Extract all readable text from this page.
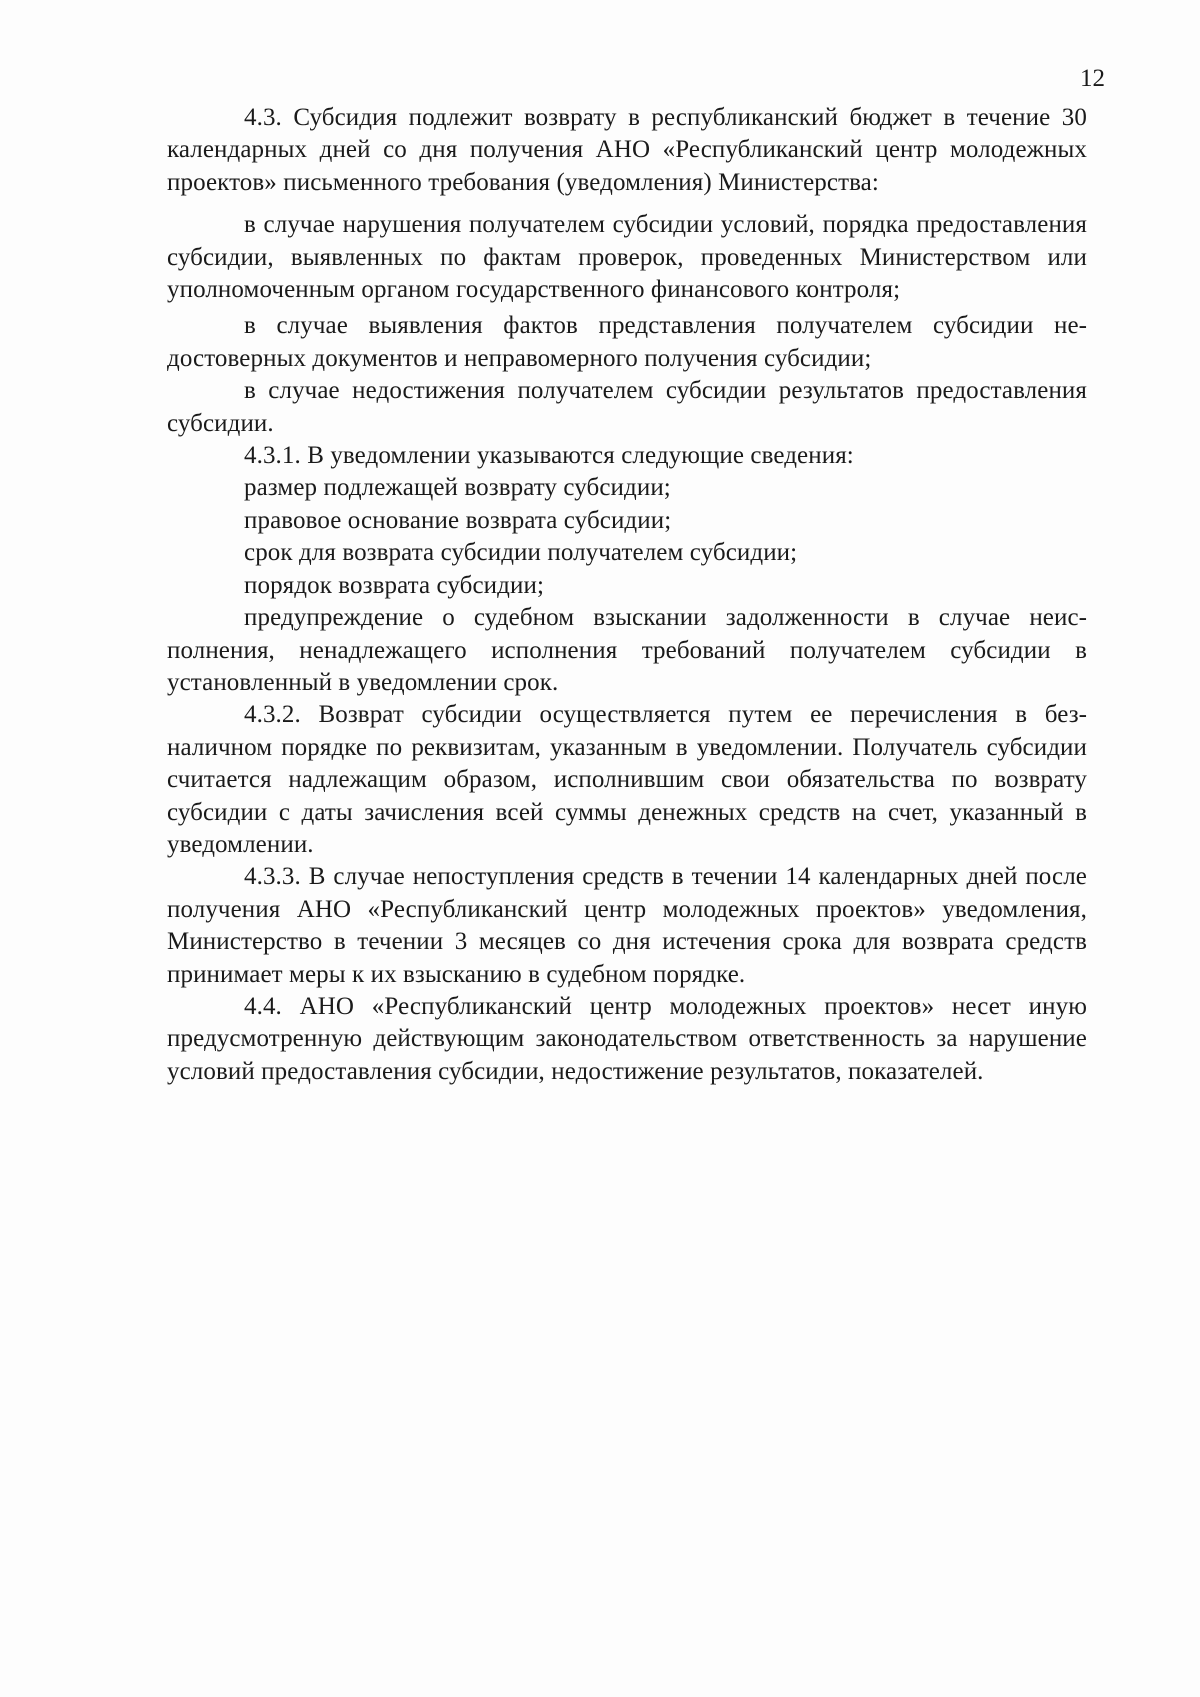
12

4.3. Субсидия подлежит возврату в республиканский бюджет в течение 30 календарных дней со дня получения АНО «Республиканский центр молодежных проектов» письменного требования (уведомления) Министерства:

в случае нарушения получателем субсидии условий, порядка предоставления субсидии, выявленных по фактам проверок, проведенных Министерством или уполномоченным органом государственного финансового контроля;

в случае выявления фактов представления получателем субсидии недостоверных документов и неправомерного получения субсидии;

в случае недостижения получателем субсидии результатов предоставления субсидии.

4.3.1. В уведомлении указываются следующие сведения:

размер подлежащей возврату субсидии;

правовое основание возврата субсидии;

срок для возврата субсидии получателем субсидии;

порядок возврата субсидии;

предупреждение о судебном взыскании задолженности в случае неисполнения, ненадлежащего исполнения требований получателем субсидии в установленный в уведомлении срок.

4.3.2. Возврат субсидии осуществляется путем ее перечисления в безналичном порядке по реквизитам, указанным в уведомлении. Получатель субсидии считается надлежащим образом, исполнившим свои обязательства по возврату субсидии с даты зачисления всей суммы денежных средств на счет, указанный в уведомлении.

4.3.3. В случае непоступления средств в течении 14 календарных дней после получения АНО «Республиканский центр молодежных проектов» уведомления, Министерство в течении 3 месяцев со дня истечения срока для возврата средств принимает меры к их взысканию в судебном порядке.

4.4. АНО «Республиканский центр молодежных проектов» несет иную предусмотренную действующим законодательством ответственность за нарушение условий предоставления субсидии, недостижение результатов, показателей.
